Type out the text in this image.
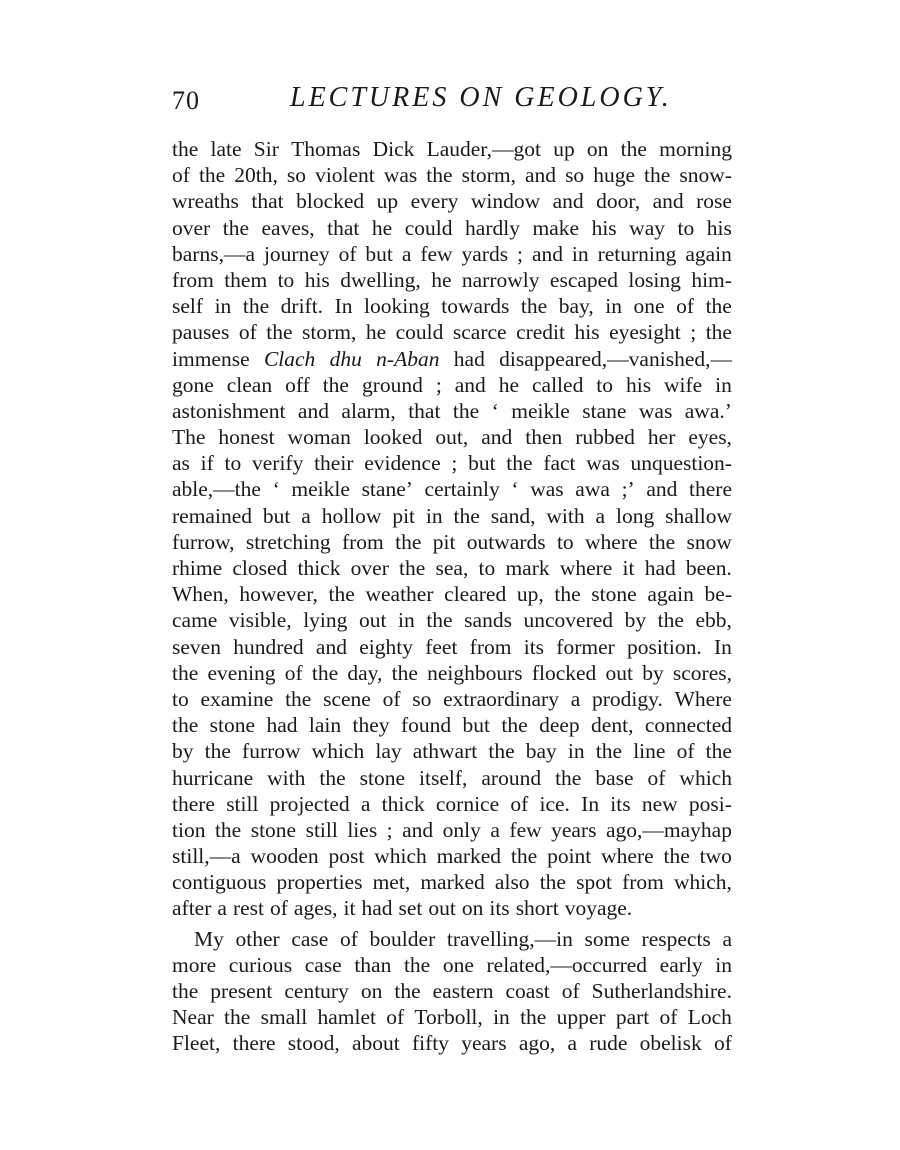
70	LECTURES ON GEOLOGY.
the late Sir Thomas Dick Lauder,—got up on the morning
of the 20th, so violent was the storm, and so huge the snow-
wreaths that blocked up every window and door, and rose
over the eaves, that he could hardly make his way to his
barns,—a journey of but a few yards ; and in returning again
from them to his dwelling, he narrowly escaped losing him-
self in the drift. In looking towards the bay, in one of the
pauses of the storm, he could scarce credit his eyesight ; the
immense Clach dhu n-Aban had disappeared,—vanished,—
gone clean off the ground ; and he called to his wife in
astonishment and alarm, that the ‘ meikle stane was awa.’
The honest woman looked out, and then rubbed her eyes,
as if to verify their evidence ; but the fact was unquestion-
able,—the ‘ meikle stane’ certainly ‘ was awa ;’ and there
remained but a hollow pit in the sand, with a long shallow
furrow, stretching from the pit outwards to where the snow
rhime closed thick over the sea, to mark where it had been.
When, however, the weather cleared up, the stone again be-
came visible, lying out in the sands uncovered by the ebb,
seven hundred and eighty feet from its former position. In
the evening of the day, the neighbours flocked out by scores,
to examine the scene of so extraordinary a prodigy. Where
the stone had lain they found but the deep dent, connected
by the furrow which lay athwart the bay in the line of the
hurricane with the stone itself, around the base of which
there still projected a thick cornice of ice. In its new posi-
tion the stone still lies ; and only a few years ago,—mayhap
still,—a wooden post which marked the point where the two
contiguous properties met, marked also the spot from which,
after a rest of ages, it had set out on its short voyage.
My other case of boulder travelling,—in some respects a
more curious case than the one related,—occurred early in
the present century on the eastern coast of Sutherlandshire.
Near the small hamlet of Torboll, in the upper part of Loch
Fleet, there stood, about fifty years ago, a rude obelisk of
